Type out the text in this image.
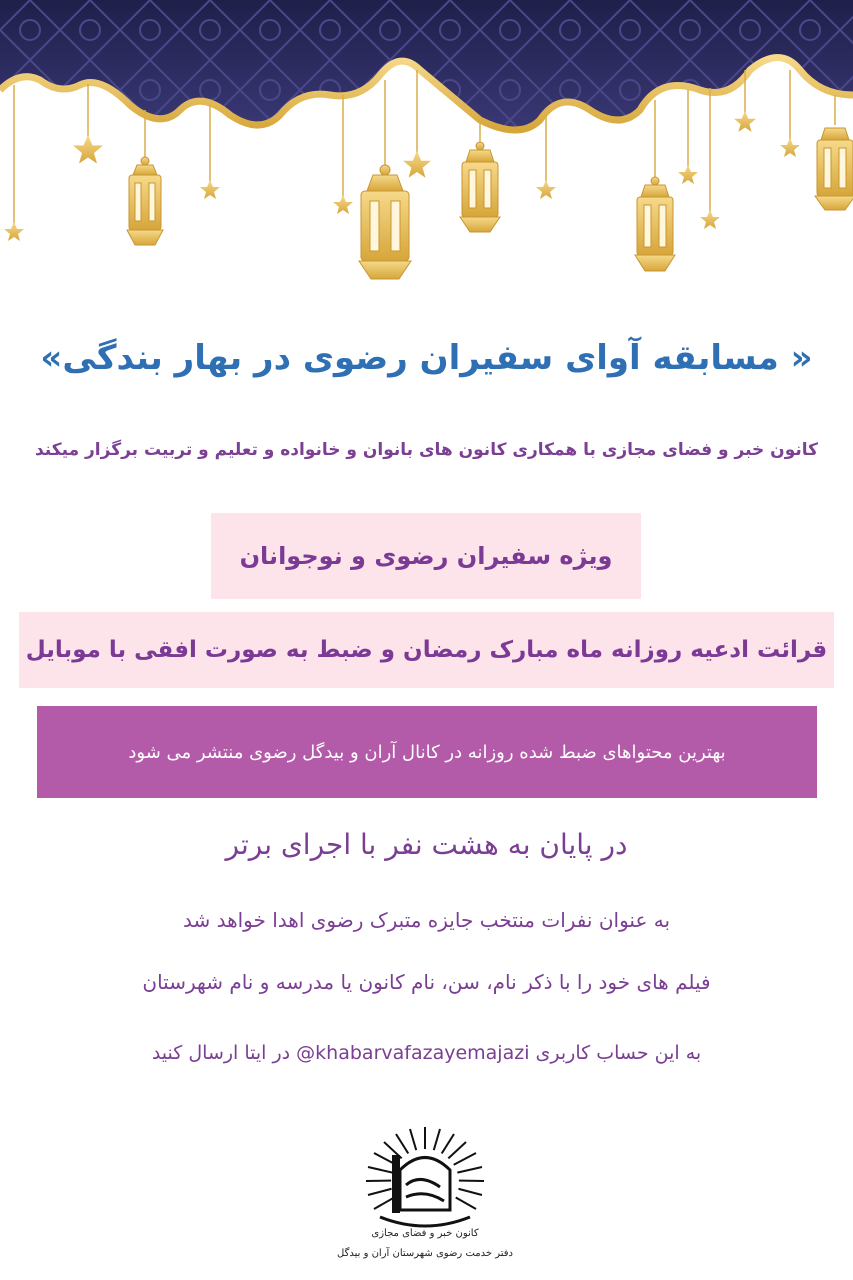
« مسابقه آوای سفیران رضوی در بهار بندگی»
کانون خبر و فضای مجازی با همکاری کانون های بانوان و خانواده و تعلیم و تربیت برگزار میکند
ویژه سفیران رضوی و نوجوانان
قرائت ادعیه روزانه ماه مبارک رمضان و ضبط به صورت افقی با موبایل
بهترین محتواهای ضبط شده روزانه در کانال آران و بیدگل رضوی منتشر می شود
در پایان به هشت نفر با اجرای برتر
به عنوان نفرات منتخب جایزه متبرک رضوی اهدا خواهد شد
فیلم های خود را با ذکر نام، سن، نام کانون یا مدرسه و نام شهرستان
به این حساب کاربری khabarvafazayemajazi@ در ایتا ارسال کنید
کانون خبر و فضای مجازی
دفتر خدمت رضوی شهرستان آران و بیدگل
